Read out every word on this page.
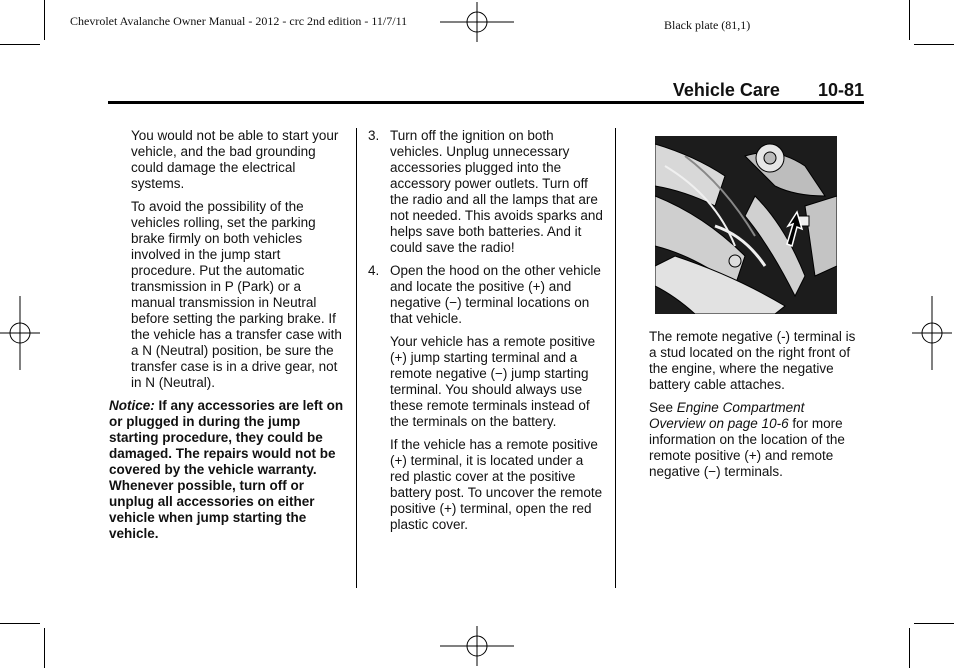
Chevrolet Avalanche Owner Manual - 2012 - crc 2nd edition - 11/7/11	Black plate (81,1)
Vehicle Care 10-81

You would not be able to start your vehicle, and the bad grounding could damage the electrical systems.

To avoid the possibility of the vehicles rolling, set the parking brake firmly on both vehicles involved in the jump start procedure. Put the automatic transmission in P (Park) or a manual transmission in Neutral before setting the parking brake. If the vehicle has a transfer case with a N (Neutral) position, be sure the transfer case is in a drive gear, not in N (Neutral).

Notice: If any accessories are left on or plugged in during the jump starting procedure, they could be damaged. The repairs would not be covered by the vehicle warranty. Whenever possible, turn off or unplug all accessories on either vehicle when jump starting the vehicle.

3. Turn off the ignition on both vehicles. Unplug unnecessary accessories plugged into the accessory power outlets. Turn off the radio and all the lamps that are not needed. This avoids sparks and helps save both batteries. And it could save the radio!

4. Open the hood on the other vehicle and locate the positive (+) and negative (−) terminal locations on that vehicle.

Your vehicle has a remote positive (+) jump starting terminal and a remote negative (−) jump starting terminal. You should always use these remote terminals instead of the terminals on the battery.

If the vehicle has a remote positive (+) terminal, it is located under a red plastic cover at the positive battery post. To uncover the remote positive (+) terminal, open the red plastic cover.

The remote negative (-) terminal is a stud located on the right front of the engine, where the negative battery cable attaches.

See Engine Compartment Overview on page 10-6 for more information on the location of the remote positive (+) and remote negative (−) terminals.
